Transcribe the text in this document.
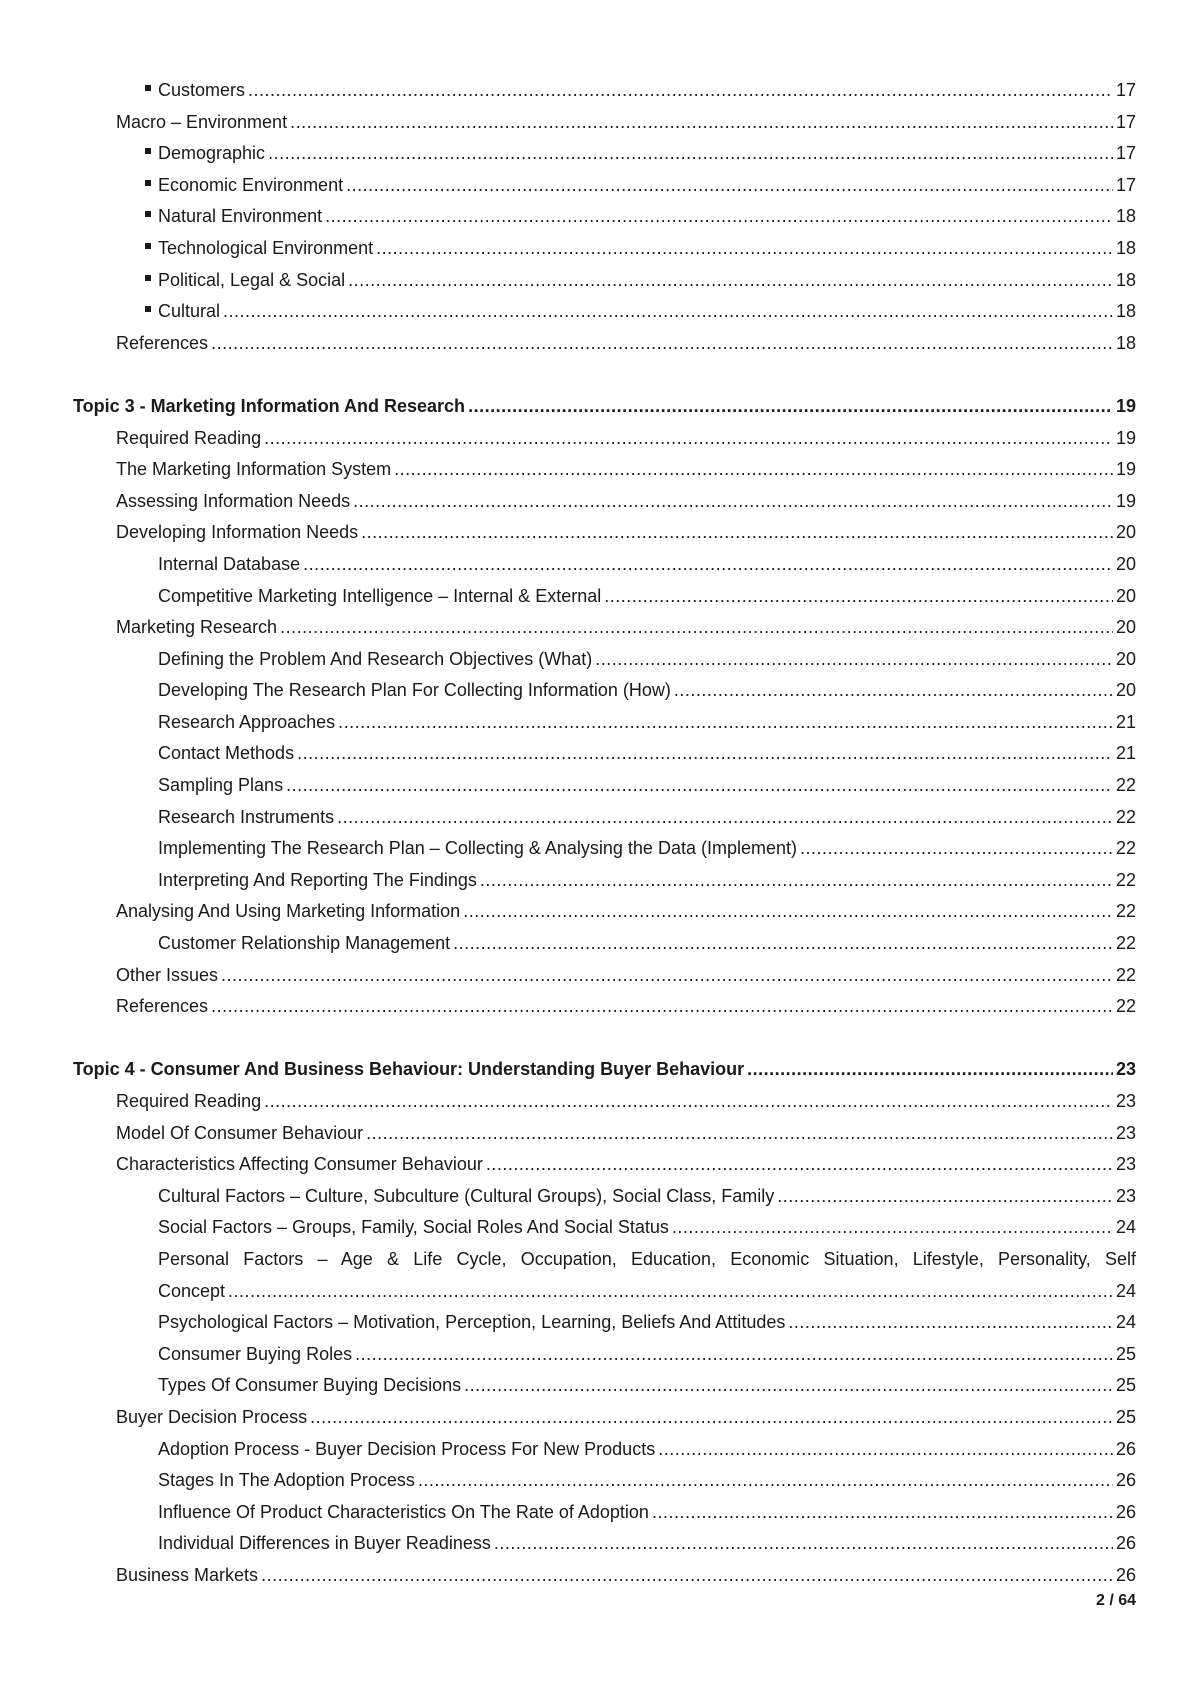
Customers .....	17
Macro – Environment .....	17
Demographic .....	17
Economic Environment .....	17
Natural Environment .....	18
Technological Environment .....	18
Political, Legal & Social .....	18
Cultural .....	18
References .....	18
Topic 3 - Marketing Information And Research .....	19
Required Reading .....	19
The Marketing Information System .....	19
Assessing Information Needs .....	19
Developing Information Needs .....	20
Internal Database .....	20
Competitive Marketing Intelligence – Internal & External .....	20
Marketing Research .....	20
Defining the Problem And Research Objectives (What) .....	20
Developing The Research Plan For Collecting Information (How) .....	20
Research Approaches .....	21
Contact Methods .....	21
Sampling Plans .....	22
Research Instruments .....	22
Implementing The Research Plan – Collecting & Analysing the Data (Implement) .....	22
Interpreting And Reporting The Findings .....	22
Analysing And Using Marketing Information .....	22
Customer Relationship Management .....	22
Other Issues .....	22
References .....	22
Topic 4 - Consumer And Business Behaviour: Understanding Buyer Behaviour .....	23
Required Reading .....	23
Model Of Consumer Behaviour .....	23
Characteristics Affecting Consumer Behaviour .....	23
Cultural Factors – Culture, Subculture (Cultural Groups), Social Class, Family .....	23
Social Factors – Groups, Family, Social Roles And Social Status .....	24
Personal Factors – Age & Life Cycle, Occupation, Education, Economic Situation, Lifestyle, Personality, Self
Concept .....	24
Psychological Factors – Motivation, Perception, Learning, Beliefs And Attitudes .....	24
Consumer Buying Roles .....	25
Types Of Consumer Buying Decisions .....	25
Buyer Decision Process .....	25
Adoption Process - Buyer Decision Process For New Products .....	26
Stages In The Adoption Process .....	26
Influence Of Product Characteristics On The Rate of Adoption .....	26
Individual Differences in Buyer Readiness .....	26
Business Markets .....	26
2 / 64
